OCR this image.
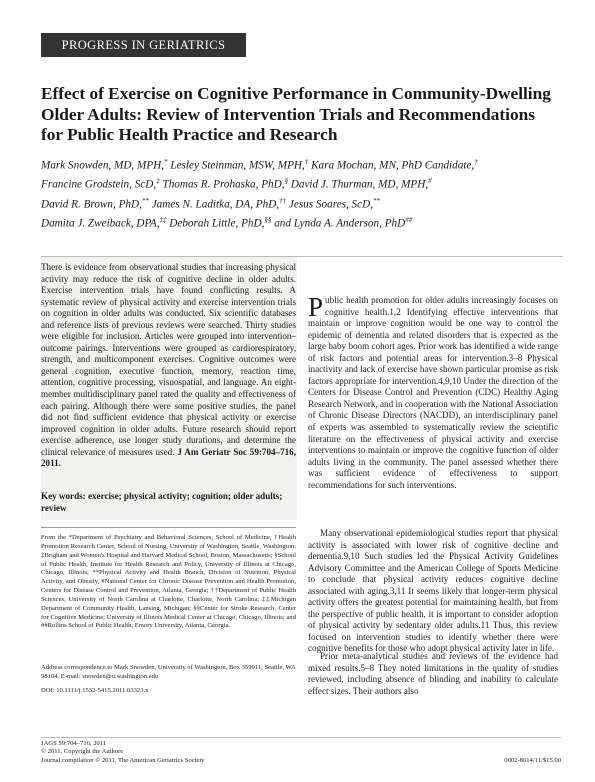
PROGRESS IN GERIATRICS
Effect of Exercise on Cognitive Performance in Community-Dwelling Older Adults: Review of Intervention Trials and Recommendations for Public Health Practice and Research

Mark Snowden, MD, MPH,* Lesley Steinman, MSW, MPH,† Kara Mochan, MN, PhD Candidate,†
Francine Grodstein, ScD,‡ Thomas R. Prohaska, PhD,§ David J. Thurman, MD, MPH,#
David R. Brown, PhD,** James N. Laditka, DA, PhD,†† Jesus Soares, ScD,**
Damita J. Zweiback, DPA,‡‡ Deborah Little, PhD,§§ and Lynda A. Anderson, PhD##

There is evidence from observational studies that increasing physical activity may reduce the risk of cognitive decline in older adults. Exercise intervention trials have found conflicting results. A systematic review of physical activity and exercise intervention trials on cognition in older adults was conducted. Six scientific databases and reference lists of previous reviews were searched. Thirty studies were eligible for inclusion. Articles were grouped into intervention–outcome pairings. Interventions were grouped as cardiorespiratory, strength, and multicomponent exercises. Cognitive outcomes were general cognition, executive function, memory, reaction time, attention, cognitive processing, visuospatial, and language. An eight-member multidisciplinary panel rated the quality and effectiveness of each pairing. Although there were some positive studies, the panel did not find sufficient evidence that physical activity or exercise improved cognition in older adults. Future research should report exercise adherence, use longer study durations, and determine the clinical relevance of measures used. J Am Geriatr Soc 59:704–716, 2011.

Key words: exercise; physical activity; cognition; older adults; review

From the *Department of Psychiatry and Behavioral Sciences, School of Medicine, †Health Promotion Research Center, School of Nursing, University of Washington, Seattle, Washington; ‡Brigham and Women's Hospital and Harvard Medical School, Boston, Massachusetts; §School of Public Health, Institute for Health Research and Policy, University of Illinois at Chicago, Chicago, Illinois; **Physical Activity and Health Branch, Division of Nutrition, Physical Activity, and Obesity, #National Center for Chronic Disease Prevention and Health Promotion, Centers for Disease Control and Prevention, Atlanta, Georgia; ††Department of Public Health Sciences, University of North Carolina at Charlotte, Charlotte, North Carolina; ‡‡Michigan Department of Community Health, Lansing, Michigan; §§Center for Stroke Research, Center for Cognitive Medicine; University of Illinois Medical Center at Chicago, Chicago, Illinois; and ##Rollins School of Public Health, Emory University, Atlanta, Georgia.

Address correspondence to Mark Snowden, University of Washington, Box 359911, Seattle, WA 98104. E-mail: snowden@u.washington.edu

DOI: 10.1111/j.1532-5415.2011.03323.x

Public health promotion for older adults increasingly focuses on cognitive health.1,2 Identifying effective interventions that maintain or improve cognition would be one way to control the epidemic of dementia and related disorders that is expected as the large baby boom cohort ages. Prior work has identified a wide range of risk factors and potential areas for intervention.3–8 Physical inactivity and lack of exercise have shown particular promise as risk factors appropriate for intervention.4,9,10 Under the direction of the Centers for Disease Control and Prevention (CDC) Healthy Aging Research Network, and in cooperation with the National Association of Chronic Disease Directors (NACDD), an interdisciplinary panel of experts was assembled to systematically review the scientific literature on the effectiveness of physical activity and exercise interventions to maintain or improve the cognitive function of older adults living in the community. The panel assessed whether there was sufficient evidence of effectiveness to support recommendations for such interventions.

Many observational epidemiological studies report that physical activity is associated with lower risk of cognitive decline and dementia.9,10 Such studies led the Physical Activity Guidelines Advisory Committee and the American College of Sports Medicine to conclude that physical activity reduces cognitive decline associated with aging.3,11 It seems likely that longer-term physical activity offers the greatest potential for maintaining health, but from the perspective of public health, it is important to consider adoption of physical activity by sedentary older adults.11 Thus, this review focused on intervention studies to identify whether there were cognitive benefits for those who adopt physical activity later in life.

Prior meta-analytical studies and reviews of the evidence had mixed results.5–8 They noted limitations in the quality of studies reviewed, including absence of blinding and inability to calculate effect sizes. Their authors also

JAGS 59:704–716, 2011
© 2011, Copyright the Authors
Journal compilation © 2011, The American Geriatrics Society	0002-8614/11/$15.00
